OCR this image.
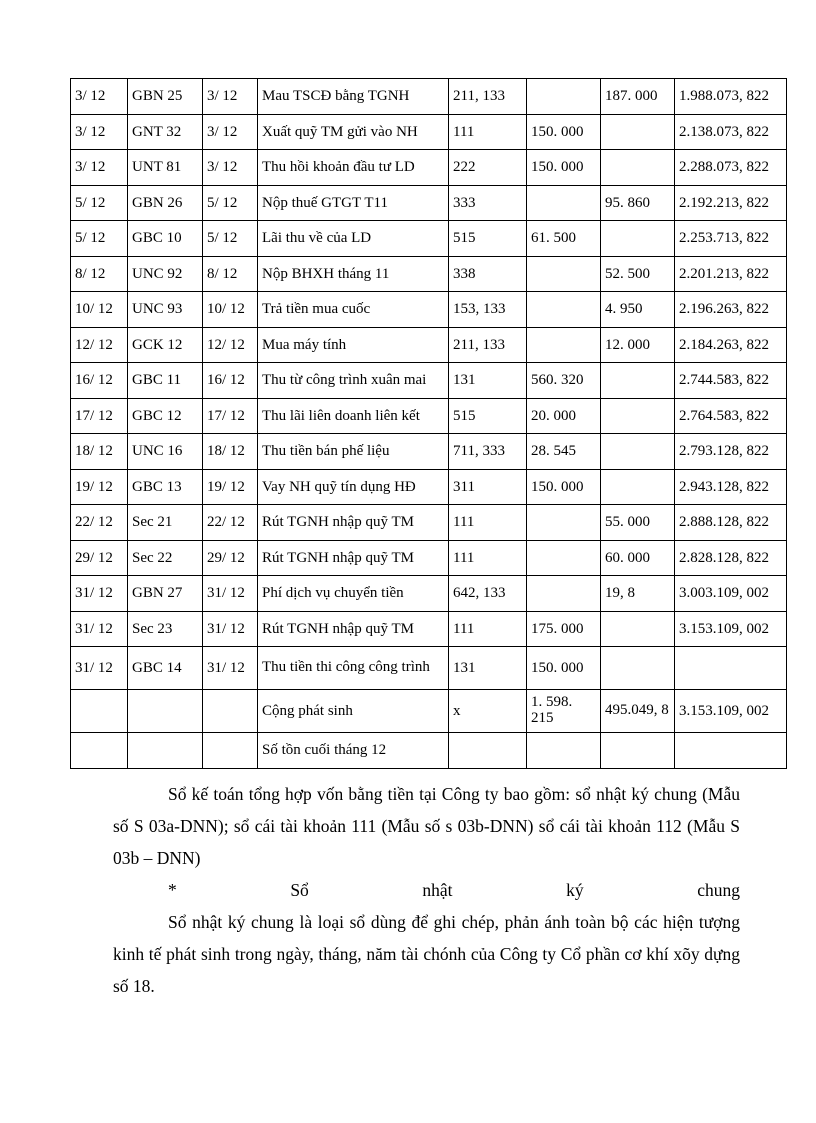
3/ 12	GBN 25	3/ 12	Mau TSCĐ bằng TGNH	211, 133		187. 000	1.988.073, 822
3/ 12	GNT 32	3/ 12	Xuất quỹ TM gửi vào NH	111	150. 000		2.138.073, 822
3/ 12	UNT 81	3/ 12	Thu hồi khoản đầu tư LD	222	150. 000		2.288.073, 822
5/ 12	GBN 26	5/ 12	Nộp thuế GTGT T11	333		95. 860	2.192.213, 822
5/ 12	GBC 10	5/ 12	Lãi thu về của LD	515	61. 500		2.253.713, 822
8/ 12	UNC 92	8/ 12	Nộp BHXH tháng 11	338		52. 500	2.201.213, 822
10/ 12	UNC 93	10/ 12	Trả tiền mua cuốc	153, 133		4. 950	2.196.263, 822
12/ 12	GCK 12	12/ 12	Mua máy tính	211, 133		12. 000	2.184.263, 822
16/ 12	GBC 11	16/ 12	Thu từ công trình xuân mai	131	560. 320		2.744.583, 822
17/ 12	GBC 12	17/ 12	Thu lãi liên doanh liên kết	515	20. 000		2.764.583, 822
18/ 12	UNC 16	18/ 12	Thu tiền bán phế liệu	711, 333	28. 545		2.793.128, 822
19/ 12	GBC 13	19/ 12	Vay NH quỹ tín dụng HĐ	311	150. 000		2.943.128, 822
22/ 12	Sec 21	22/ 12	Rút TGNH nhập quỹ TM	111		55. 000	2.888.128, 822
29/ 12	Sec 22	29/ 12	Rút TGNH nhập quỹ TM	111		60. 000	2.828.128, 822
31/ 12	GBN 27	31/ 12	Phí dịch vụ chuyển tiền	642, 133		19, 8	3.003.109, 002
31/ 12	Sec 23	31/ 12	Rút TGNH nhập quỹ TM	111	175. 000		3.153.109, 002
31/ 12	GBC 14	31/ 12	Thu tiền thi công công trình	131	150. 000		
			Cộng phát sinh	x	1. 598. 215	495.049, 8	3.153.109, 002
			Số tồn cuối tháng 12				
Sổ kế toán tổng hợp vốn bằng tiền tại Công ty bao gồm: sổ nhật ký chung (Mẫu số S 03a-DNN); sổ cái tài khoản 111 (Mẫu số s 03b-DNN) sổ cái tài khoản 112 (Mẫu S 03b – DNN)
*	Sổ	nhật	ký	chung
Sổ nhật ký chung là loại sổ dùng để ghi chép, phản ánh toàn bộ các hiện tượng kinh tế phát sinh trong ngày, tháng, năm tài chónh của Công ty Cổ phần cơ khí xõy dựng số 18.
